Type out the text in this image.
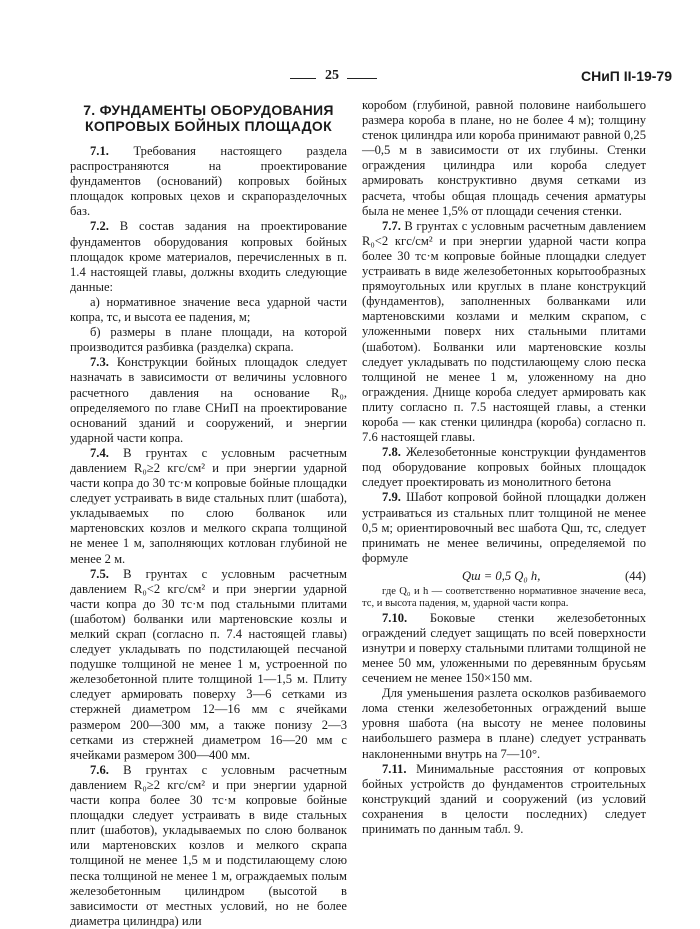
25	СНиП II-19-79
7. ФУНДАМЕНТЫ ОБОРУДОВАНИЯ КОПРОВЫХ БОЙНЫХ ПЛОЩАДОК

7.1. Требования настоящего раздела распространяются на проектирование фундаментов (оснований) копровых бойных площадок копровых цехов и скрапоразделочных баз.

7.2. В состав задания на проектирование фундаментов оборудования копровых бойных площадок кроме материалов, перечисленных в п. 1.4 настоящей главы, должны входить следующие данные:

а) нормативное значение веса ударной части копра, тс, и высота ее падения, м;

б) размеры в плане площади, на которой производится разбивка (разделка) скрапа.

7.3. Конструкции бойных площадок следует назначать в зависимости от величины условного расчетного давления на основание R₀, определяемого по главе СНиП на проектирование оснований зданий и сооружений, и энергии ударной части копра.

7.4. В грунтах с условным расчетным давлением R₀≥2 кгс/см² и при энергии ударной части копра до 30 тс·м копровые бойные площадки следует устраивать в виде стальных плит (шабота), укладываемых по слою болванок или мартеновских козлов и мелкого скрапа толщиной не менее 1 м, заполняющих котлован глубиной не менее 2 м.

7.5. В грунтах с условным расчетным давлением R₀<2 кгс/см² и при энергии ударной части копра до 30 тс·м под стальными плитами (шаботом) болванки или мартеновские козлы и мелкий скрап (согласно п. 7.4 настоящей главы) следует укладывать по подстилающей песчаной подушке толщиной не менее 1 м, устроенной по железобетонной плите толщиной 1—1,5 м. Плиту следует армировать поверху 3—6 сетками из стержней диаметром 12—16 мм с ячейками размером 200—300 мм, а также понизу 2—3 сетками из стержней диаметром 16—20 мм с ячейками размером 300—400 мм.

7.6. В грунтах с условным расчетным давлением R₀≥2 кгс/см² и при энергии ударной части копра более 30 тс·м копровые бойные площадки следует устраивать в виде стальных плит (шаботов), укладываемых по слою болванок или мартеновских козлов и мелкого скрапа толщиной не менее 1,5 м и подстилающему слою песка толщиной не менее 1 м, ограждаемых полым железобетонным цилиндром (высотой в зависимости от местных условий, но не более диаметра цилиндра) или

коробом (глубиной, равной половине наибольшего размера короба в плане, но не более 4 м); толщину стенок цилиндра или короба принимают равной 0,25—0,5 м в зависимости от их глубины. Стенки ограждения цилиндра или короба следует армировать конструктивно двумя сетками из расчета, чтобы общая площадь сечения арматуры была не менее 1,5% от площади сечения стенки.

7.7. В грунтах с условным расчетным давлением R₀<2 кгс/см² и при энергии ударной части копра более 30 тс·м копровые бойные площадки следует устраивать в виде железобетонных корытообразных прямоугольных или круглых в плане конструкций (фундаментов), заполненных болванками или мартеновскими козлами и мелким скрапом, с уложенными поверх них стальными плитами (шаботом). Болванки или мартеновские козлы следует укладывать по подстилающему слою песка толщиной не менее 1 м, уложенному на дно ограждения. Днище короба следует армировать как плиту согласно п. 7.5 настоящей главы, а стенки короба — как стенки цилиндра (короба) согласно п. 7.6 настоящей главы.

7.8. Железобетонные конструкции фундаментов под оборудование копровых бойных площадок следует проектировать из монолитного бетона

7.9. Шабот копровой бойной площадки должен устраиваться из стальных плит толщиной не менее 0,5 м; ориентировочный вес шабота Qш, тс, следует принимать не менее величины, определяемой по формуле

Qш = 0,5 Q₀ h,	(44)

где Q₀ и h — соответственно нормативное значение веса, тс, и высота падения, м, ударной части копра.

7.10. Боковые стенки железобетонных ограждений следует защищать по всей поверхности изнутри и поверху стальными плитами толщиной не менее 50 мм, уложенными по деревянным брусьям сечением не менее 150×150 мм.

Для уменьшения разлета осколков разбиваемого лома стенки железобетонных ограждений выше уровня шабота (на высоту не менее половины наибольшего размера в плане) следует устранвать наклоненными внутрь на 7—10°.

7.11. Минимальные расстояния от копровых бойных устройств до фундаментов строительных конструкций зданий и сооружений (из условий сохранения в целости последних) следует принимать по данным табл. 9.
